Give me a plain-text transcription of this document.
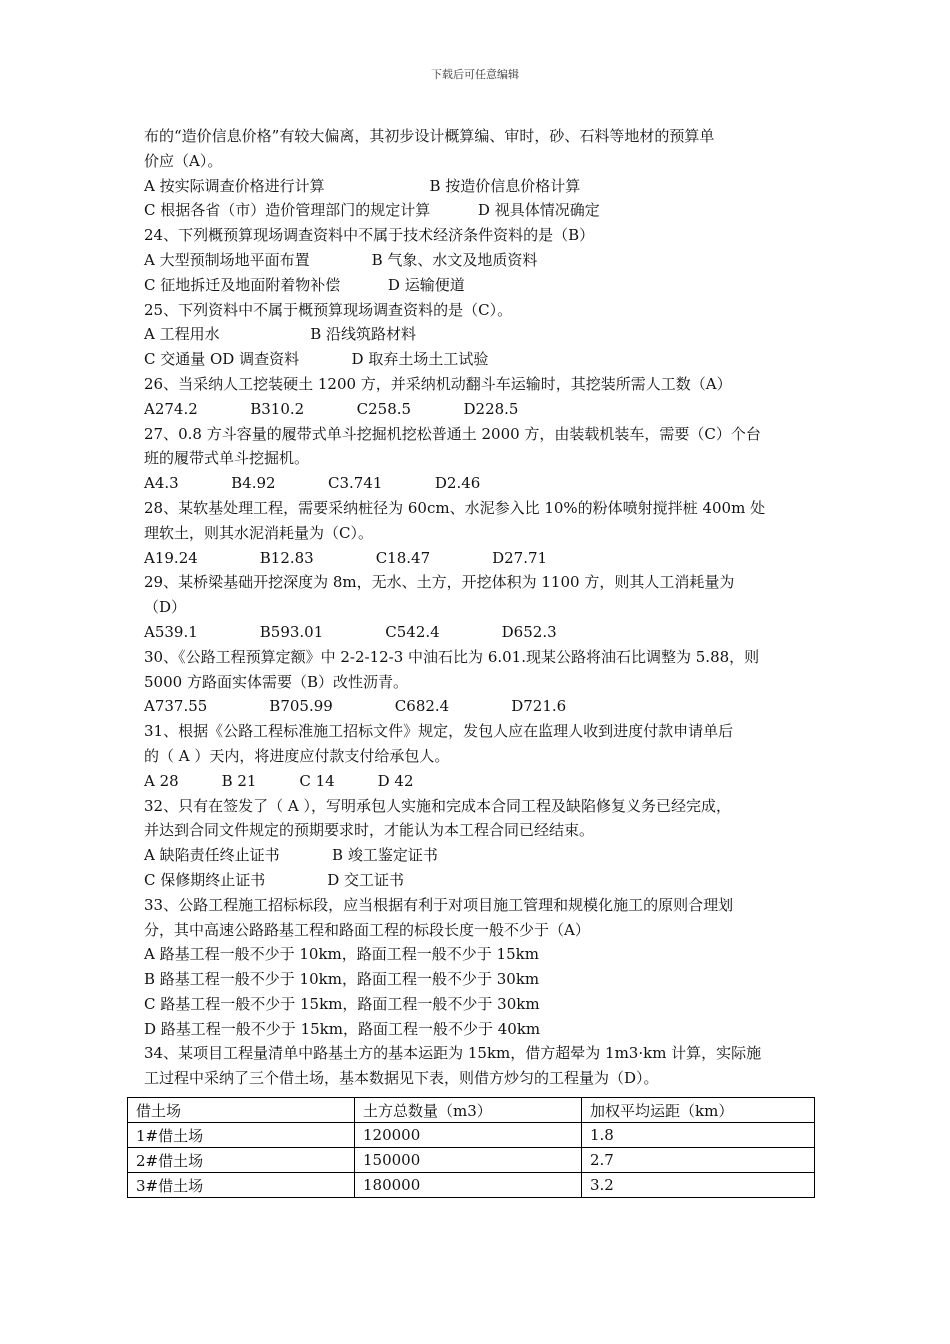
下载后可任意编辑
布的“造价信息价格”有较大偏离，其初步设计概算编、审时，砂、石料等地材的预算单
价应（A）。
A 按实际调查价格进行计算                      B 按造价信息价格计算
C 根据各省（市）造价管理部门的规定计算          D 视具体情况确定
24、下列概预算现场调查资料中不属于技术经济条件资料的是（B）
A 大型预制场地平面布置             B 气象、水文及地质资料
C 征地拆迁及地面附着物补偿          D 运输便道
25、下列资料中不属于概预算现场调查资料的是（C）。
A 工程用水                   B 沿线筑路材料
C 交通量 OD 调查资料           D 取弃土场土工试验
26、当采纳人工挖装硬土 1200 方，并采纳机动翻斗车运输时，其挖装所需人工数（A）
A274.2           B310.2           C258.5           D228.5
27、0.8 方斗容量的履带式单斗挖掘机挖松普通土 2000 方，由装载机装车，需要（C）个台
班的履带式单斗挖掘机。
A4.3           B4.92           C3.741           D2.46
28、某软基处理工程，需要采纳桩径为 60cm、水泥参入比 10%的粉体喷射搅拌桩 400m 处
理软土，则其水泥消耗量为（C）。
A19.24             B12.83             C18.47             D27.71
29、某桥梁基础开挖深度为 8m，无水、土方，开挖体积为 1100 方，则其人工消耗量为
（D）
A539.1             B593.01             C542.4             D652.3
30、《公路工程预算定额》中 2-2-12-3 中油石比为 6.01.现某公路将油石比调整为 5.88，则
5000 方路面实体需要（B）改性沥青。
A737.55             B705.99             C682.4             D721.6
31、根据《公路工程标准施工招标文件》规定，发包人应在监理人收到进度付款申请单后
的（ A ）天内，将进度应付款支付给承包人。
A 28         B 21         C 14         D 42
32、只有在签发了（ A ），写明承包人实施和完成本合同工程及缺陷修复义务已经完成，
并达到合同文件规定的预期要求时，才能认为本工程合同已经结束。
A 缺陷责任终止证书           B 竣工鉴定证书
C 保修期终止证书             D 交工证书
33、公路工程施工招标标段，应当根据有利于对项目施工管理和规模化施工的原则合理划
分，其中高速公路路基工程和路面工程的标段长度一般不少于（A）
A 路基工程一般不少于 10km，路面工程一般不少于 15km
B 路基工程一般不少于 10km，路面工程一般不少于 30km
C 路基工程一般不少于 15km，路面工程一般不少于 30km
D 路基工程一般不少于 15km，路面工程一般不少于 40km
34、某项目工程量清单中路基土方的基本运距为 15km，借方超晕为 1m3·km 计算，实际施
工过程中采纳了三个借土场，基本数据见下表，则借方炒匀的工程量为（D）。
借土场	土方总数量（m3）	加权平均运距（km）
1#借土场	120000	1.8
2#借土场	150000	2.7
3#借土场	180000	3.2
